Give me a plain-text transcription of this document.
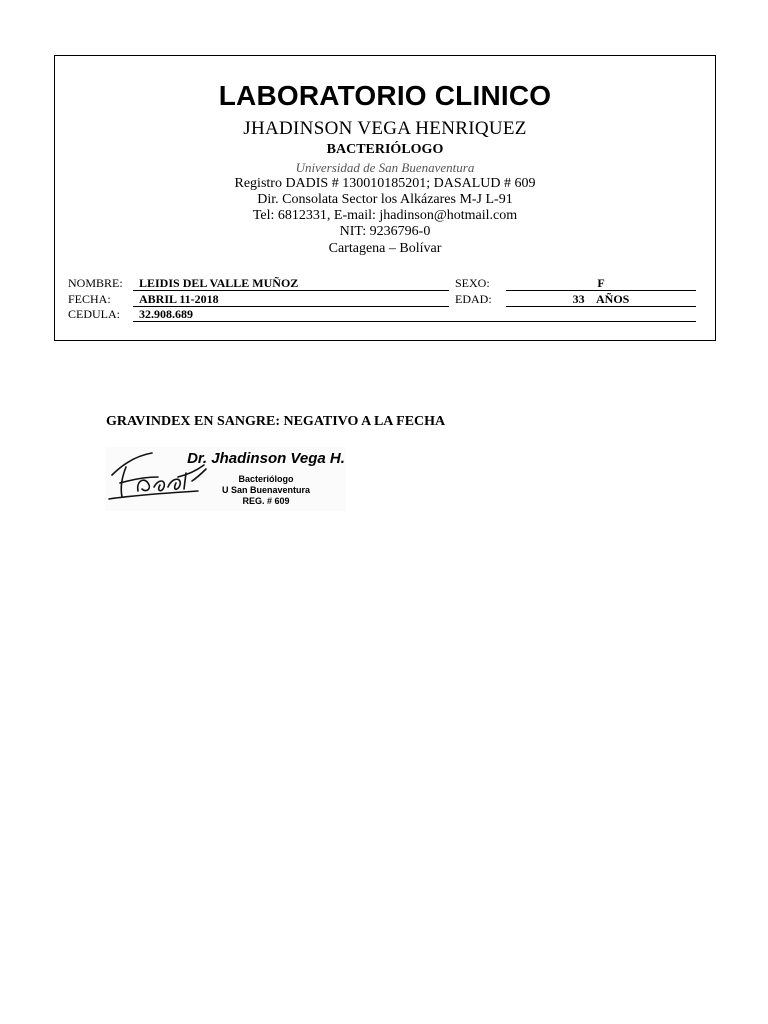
LABORATORIO CLINICO
JHADINSON VEGA HENRIQUEZ
BACTERIÓLOGO
Universidad de San Buenaventura
Registro DADIS # 130010185201; DASALUD # 609
Dir. Consolata Sector los Alkázares M-J L-91
Tel: 6812331, E-mail: jhadinson@hotmail.com
NIT: 9236796-0
Cartagena – Bolívar
NOMBRE: LEIDIS DEL VALLE MUÑOZ
FECHA: ABRIL 11-2018
CEDULA: 32.908.689
SEXO:	F
EDAD:	33    AÑOS
GRAVINDEX EN SANGRE: NEGATIVO A LA FECHA
Dr. Jhadinson Vega H.
Bacteriólogo
U San Buenaventura
REG. # 609
